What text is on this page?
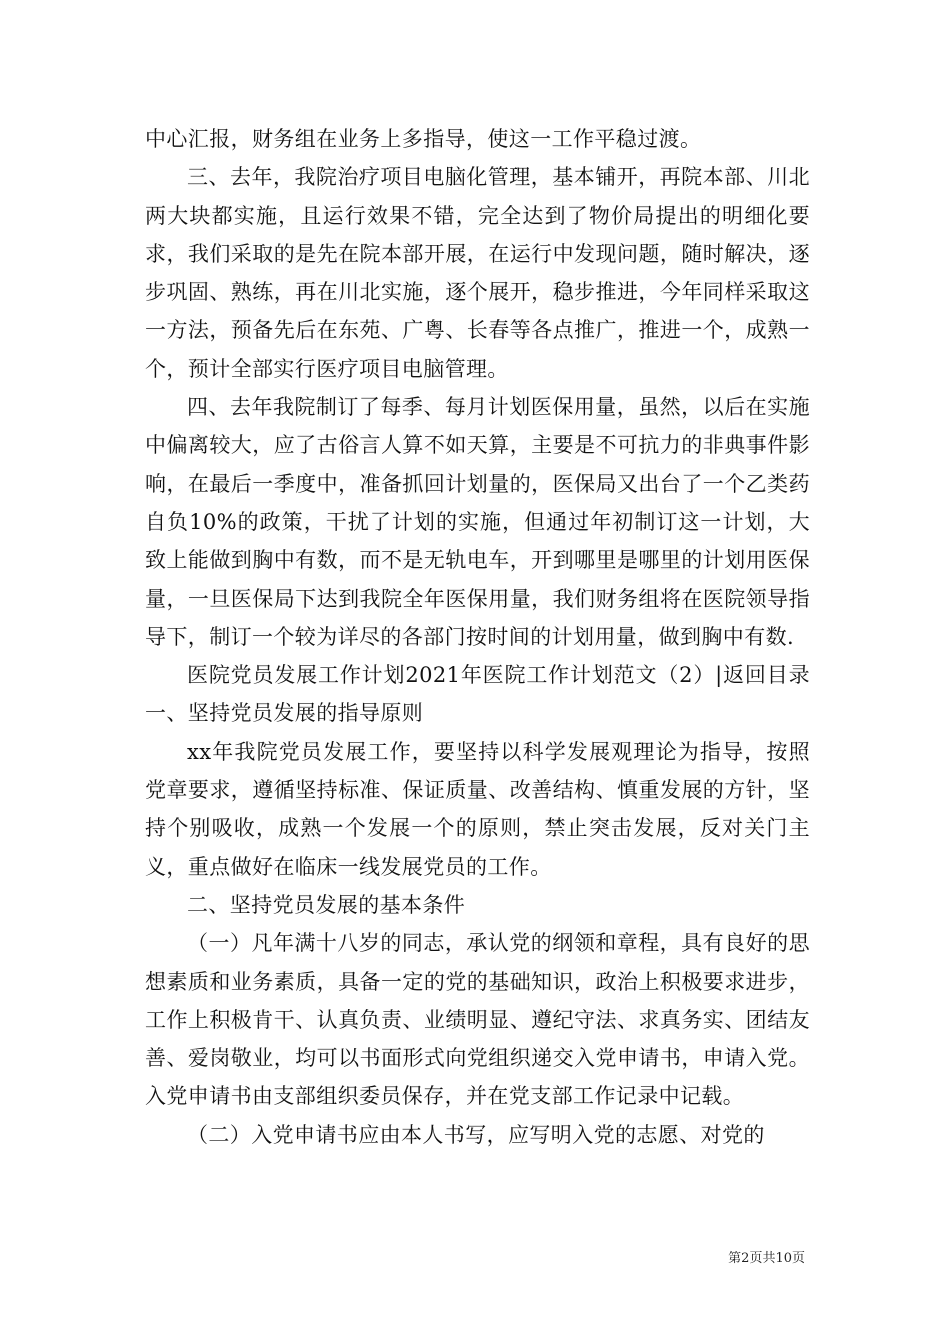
中心汇报，财务组在业务上多指导，使这一工作平稳过渡。

三、去年，我院治疗项目电脑化管理，基本铺开，再院本部、川北两大块都实施，且运行效果不错，完全达到了物价局提出的明细化要求，我们采取的是先在院本部开展，在运行中发现问题，随时解决，逐步巩固、熟练，再在川北实施，逐个展开，稳步推进，今年同样采取这一方法，预备先后在东苑、广粤、长春等各点推广，推进一个，成熟一个，预计全部实行医疗项目电脑管理。

四、去年我院制订了每季、每月计划医保用量，虽然，以后在实施中偏离较大，应了古俗言人算不如天算，主要是不可抗力的非典事件影响，在最后一季度中，准备抓回计划量的，医保局又出台了一个乙类药自负10%的政策，干扰了计划的实施，但通过年初制订这一计划，大致上能做到胸中有数，而不是无轨电车，开到哪里是哪里的计划用医保量，一旦医保局下达到我院全年医保用量，我们财务组将在医院领导指导下，制订一个较为详尽的各部门按时间的计划用量，做到胸中有数.

医院党员发展工作计划2021年医院工作计划范文（2）|返回目录一、坚持党员发展的指导原则

xx年我院党员发展工作，要坚持以科学发展观理论为指导，按照党章要求，遵循坚持标准、保证质量、改善结构、慎重发展的方针，坚持个别吸收，成熟一个发展一个的原则，禁止突击发展，反对关门主义，重点做好在临床一线发展党员的工作。

二、坚持党员发展的基本条件

（一）凡年满十八岁的同志，承认党的纲领和章程，具有良好的思想素质和业务素质，具备一定的党的基础知识，政治上积极要求进步，工作上积极肯干、认真负责、业绩明显、遵纪守法、求真务实、团结友善、爱岗敬业，均可以书面形式向党组织递交入党申请书，申请入党。入党申请书由支部组织委员保存，并在党支部工作记录中记载。

（二）入党申请书应由本人书写，应写明入党的志愿、对党的

第2页共10页
